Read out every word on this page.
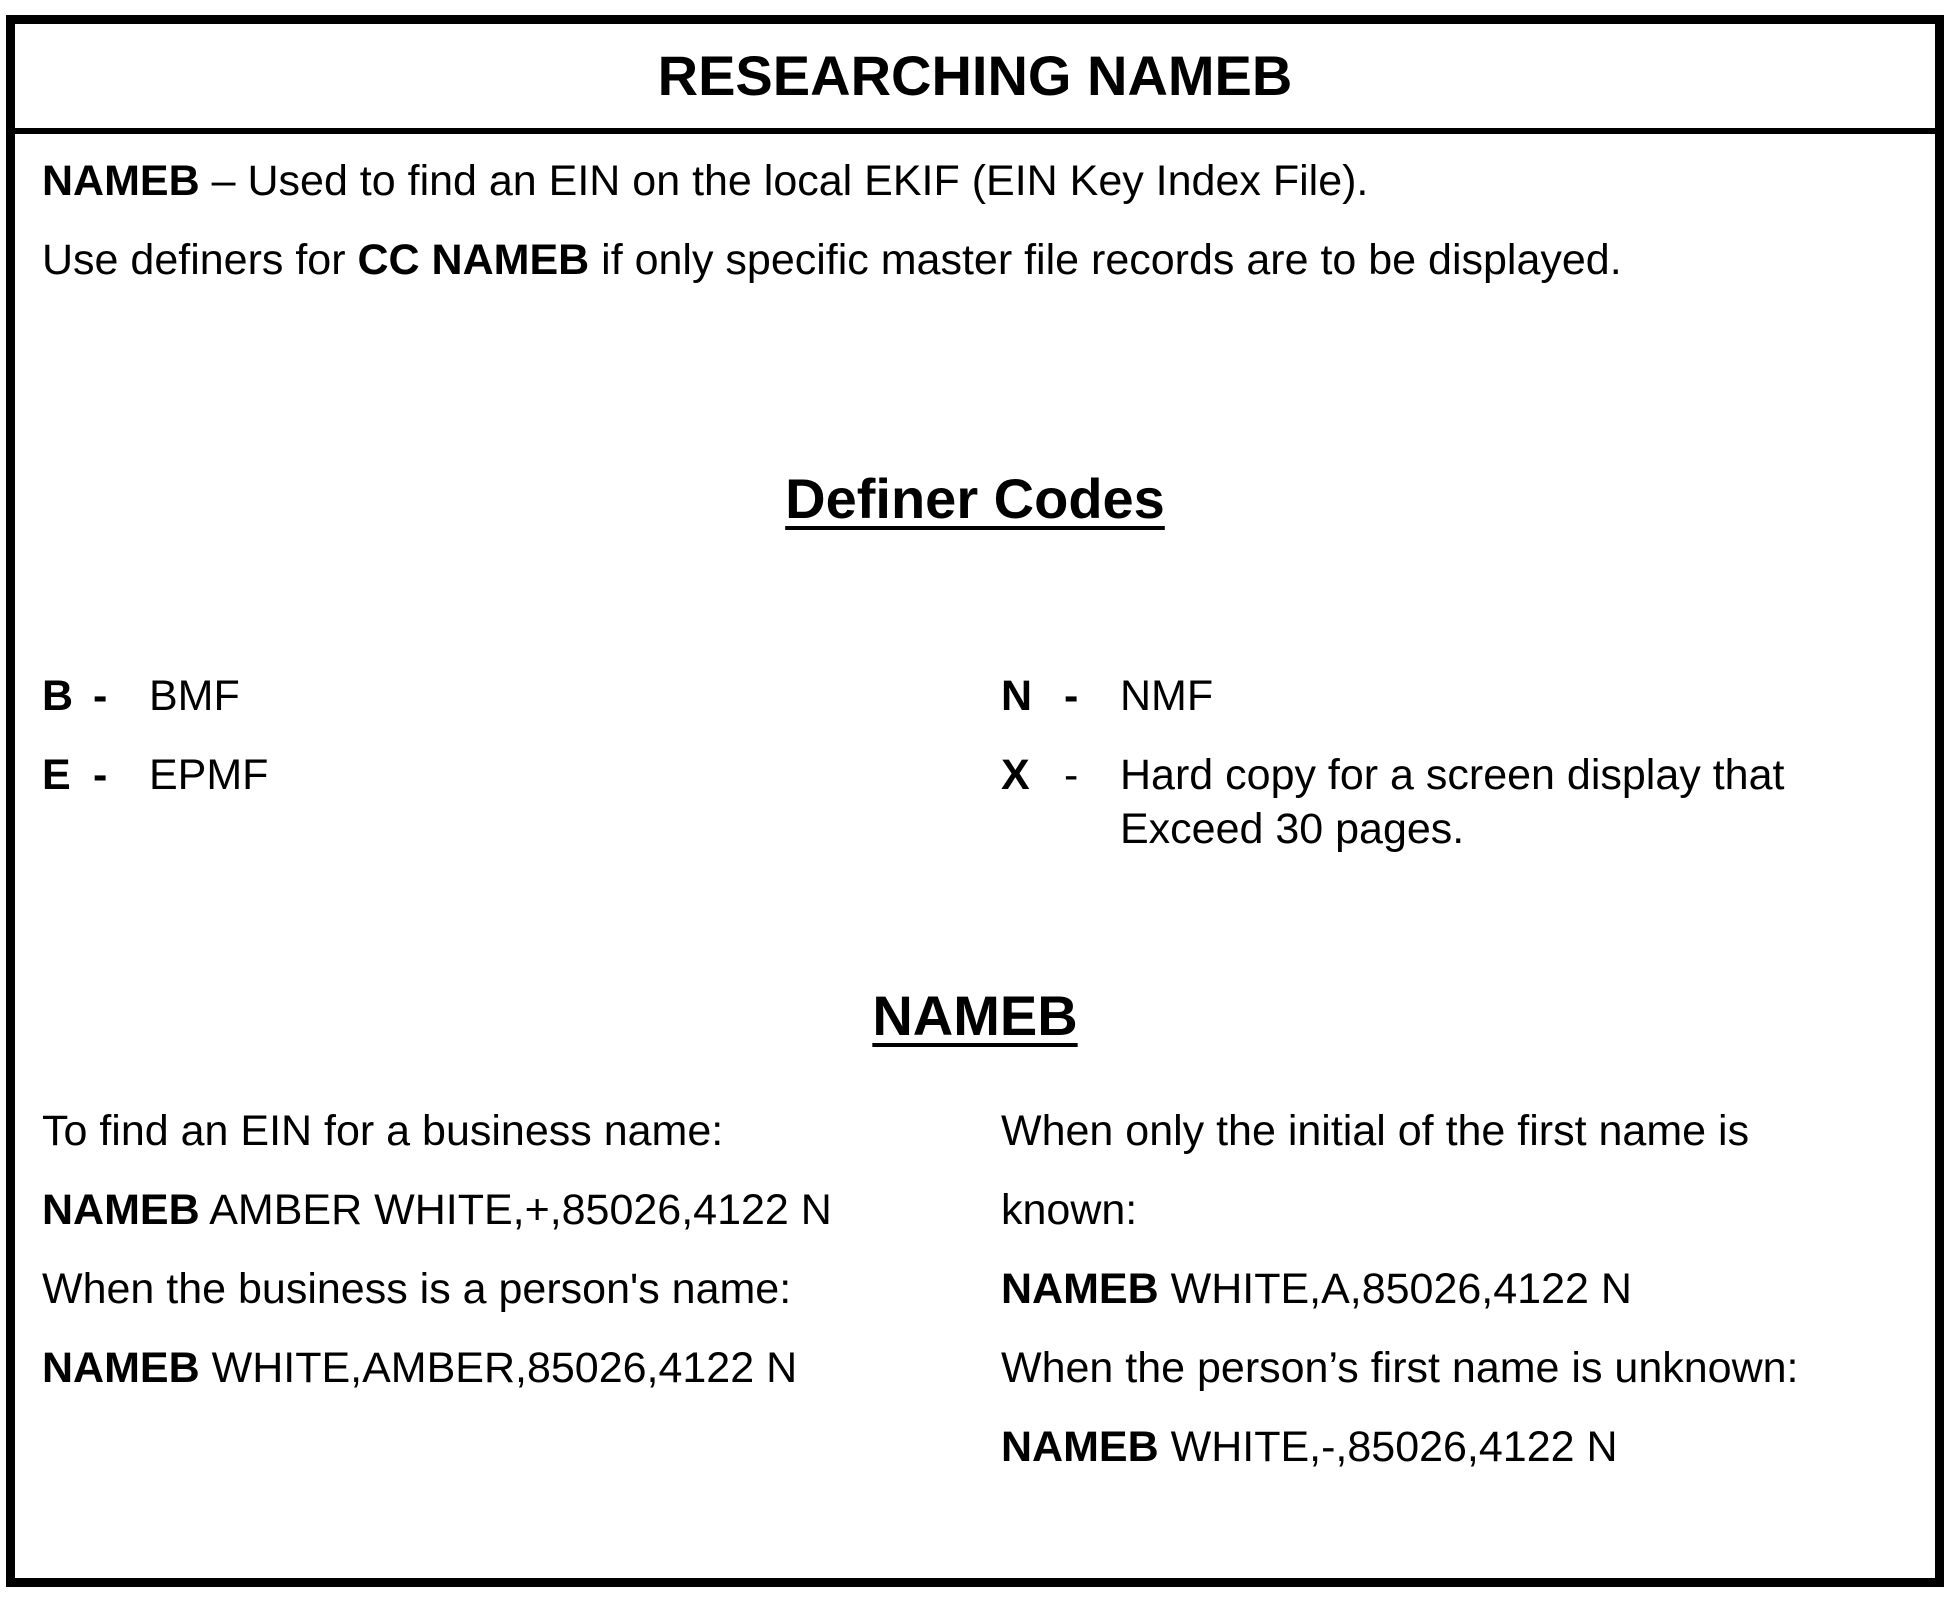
RESEARCHING NAMEB
NAMEB – Used to find an EIN on the local EKIF (EIN Key Index File).
Use definers for CC NAMEB if only specific master file records are to be displayed.
Definer Codes
B - BMF
E - EPMF
N - NMF
X - Hard copy for a screen display that
Exceed 30 pages.
NAMEB
To find an EIN for a business name:
NAMEB AMBER WHITE,+,85026,4122 N
When the business is a person's name:
NAMEB WHITE,AMBER,85026,4122 N
When only the initial of the first name is
known:
NAMEB WHITE,A,85026,4122 N
When the person’s first name is unknown:
NAMEB WHITE,-,85026,4122 N
